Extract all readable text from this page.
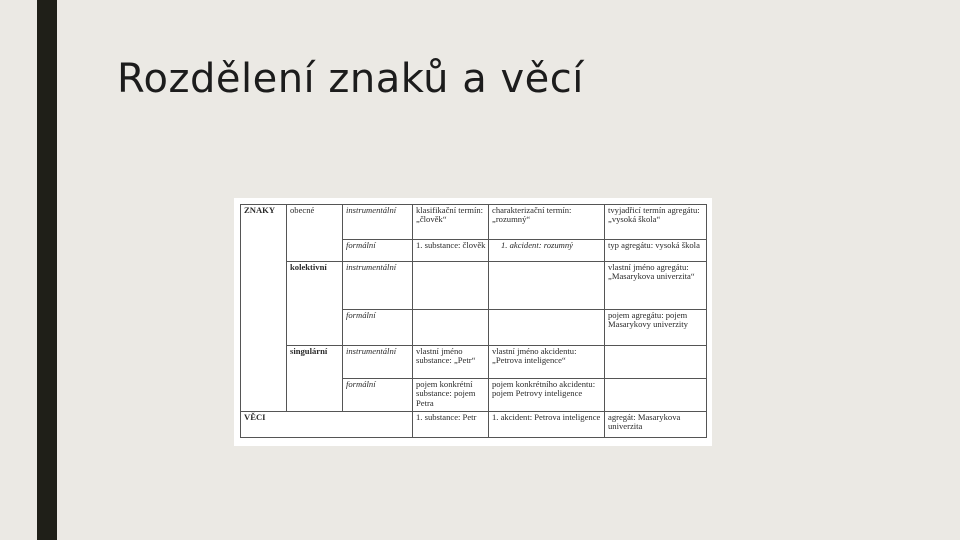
Rozdělení znaků a věcí
ZNAKY	obecné	instrumentální	klasifikační termín: „člověk“	charakterizační termín: „rozumný“	tvyjadřicí termín agregátu: „vysoká škola“
		formální	1. substance: člověk	1. akcident: rozumný	typ agregátu: vysoká škola
	kolektivní	instrumentální			vlastní jméno agregátu: „Masarykova univerzita“
		formální			pojem agregátu: pojem Masarykovy univerzity
	singulární	instrumentální	vlastní jméno substance: „Petr“	vlastní jméno akcidentu: „Petrova inteligence“	
		formální	pojem konkrétní substance: pojem Petra	pojem konkrétního akcidentu: pojem Petrovy inteligence	
VĚCI			1. substance: Petr	1. akcident: Petrova inteligence	agregát: Masarykova univerzita
